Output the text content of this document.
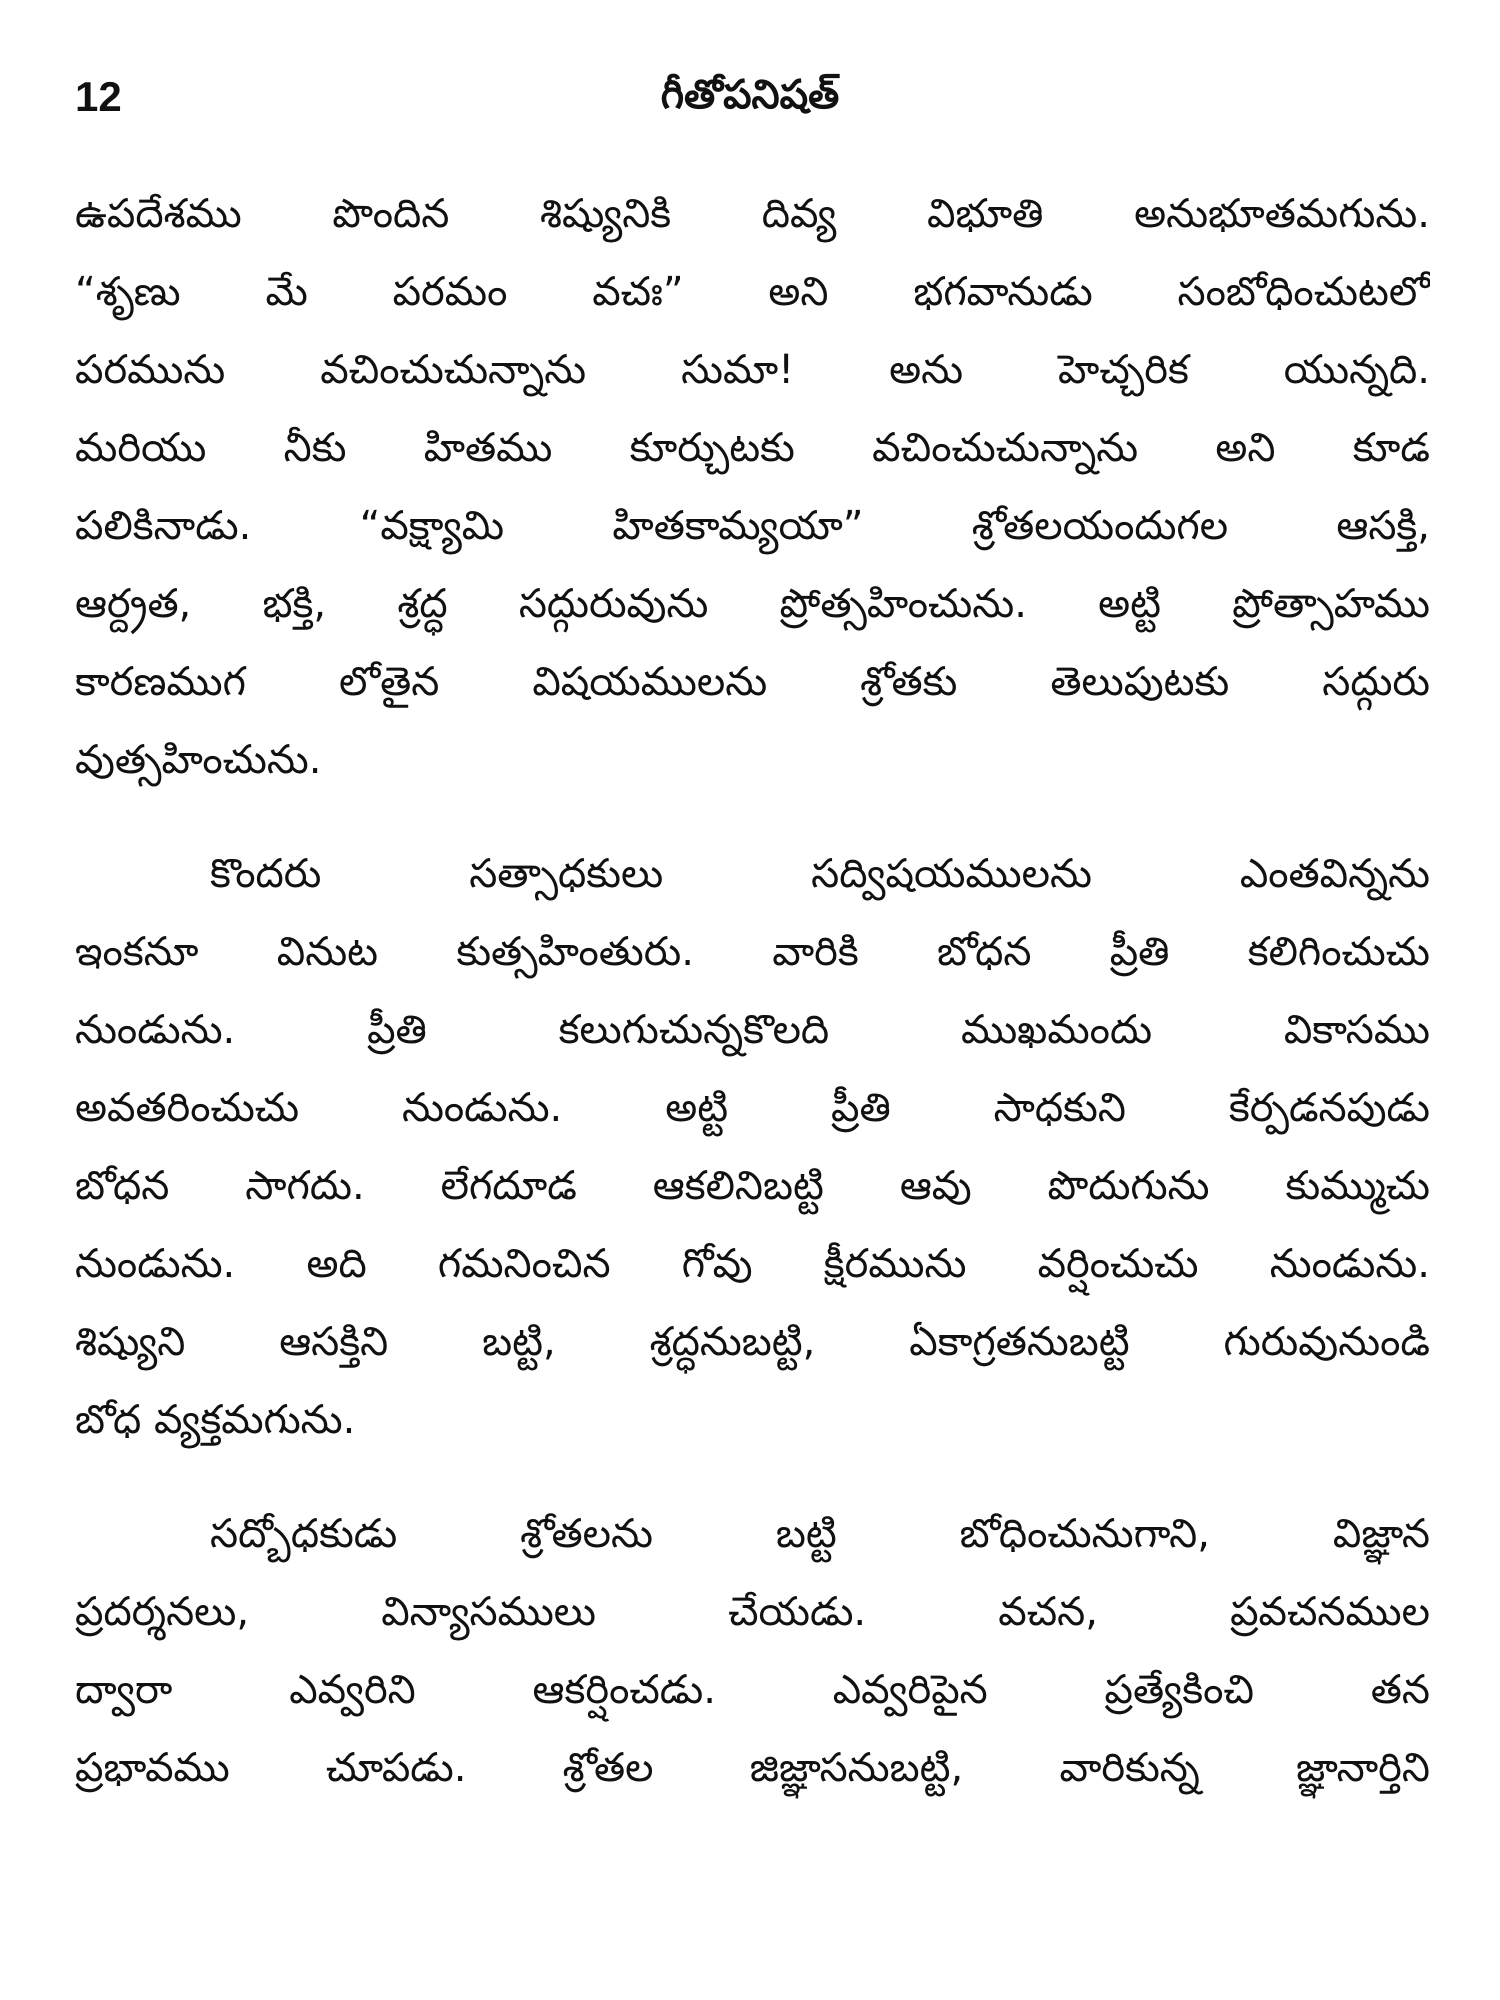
12	గీతోపనిషత్
ఉపదేశము పొందిన శిష్యునికి దివ్య విభూతి అనుభూతమగును.
“శృణు మే పరమం వచః” అని భగవానుడు సంబోధించుటలో
పరమును వచించుచున్నాను సుమా! అను హెచ్చరిక యున్నది.
మరియు నీకు హితము కూర్చుటకు వచించుచున్నాను అని కూడ
పలికినాడు. “వక్ష్యామి హితకామ్యయా” శ్రోతలయందుగల ఆసక్తి,
ఆర్ద్రత, భక్తి, శ్రద్ధ సద్గురువును ప్రోత్సహించును. అట్టి ప్రోత్సాహము
కారణముగ లోతైన విషయములను శ్రోతకు తెలుపుటకు సద్గురు
వుత్సహించును.
కొందరు సత్సాధకులు సద్విషయములను ఎంతవిన్నను
ఇంకనూ వినుట కుత్సహింతురు. వారికి బోధన ప్రీతి కలిగించుచు
నుండును. ప్రీతి కలుగుచున్నకొలది ముఖమందు వికాసము
అవతరించుచు నుండును. అట్టి ప్రీతి సాధకుని కేర్పడనపుడు
బోధన సాగదు. లేగదూడ ఆకలినిబట్టి ఆవు పొదుగును కుమ్ముచు
నుండును. అది గమనించిన గోవు క్షీరమును వర్షించుచు నుండును.
శిష్యుని ఆసక్తిని బట్టి, శ్రద్ధనుబట్టి, ఏకాగ్రతనుబట్టి గురువునుండి
బోధ వ్యక్తమగును.
సద్బోధకుడు శ్రోతలను బట్టి బోధించునుగాని, విజ్ఞాన
ప్రదర్శనలు, విన్యాసములు చేయడు. వచన, ప్రవచనముల
ద్వారా ఎవ్వరిని ఆకర్షించడు. ఎవ్వరిపైన ప్రత్యేకించి తన
ప్రభావము చూపడు. శ్రోతల జిజ్ఞాసనుబట్టి, వారికున్న జ్ఞానార్తిని
